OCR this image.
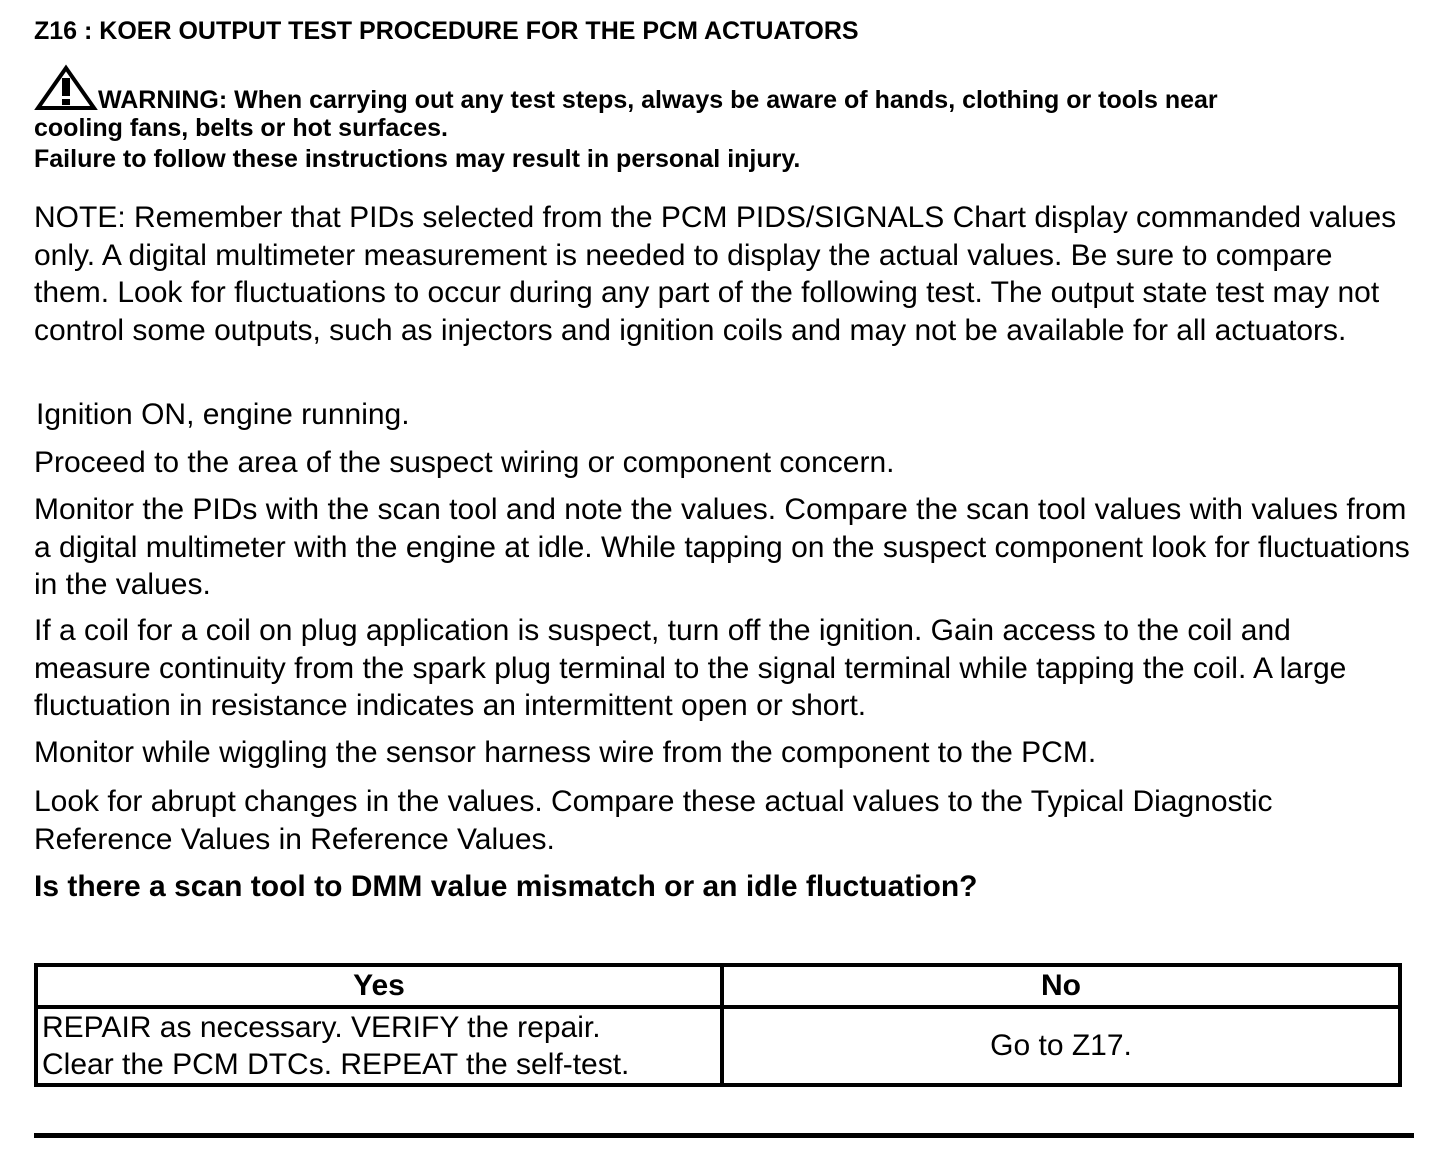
Z16 : KOER OUTPUT TEST PROCEDURE FOR THE PCM ACTUATORS
WARNING: When carrying out any test steps, always be aware of hands, clothing or tools near
cooling fans, belts or hot surfaces.
Failure to follow these instructions may result in personal injury.

NOTE: Remember that PIDs selected from the PCM PIDS/SIGNALS Chart display commanded values only. A digital multimeter measurement is needed to display the actual values. Be sure to compare them. Look for fluctuations to occur during any part of the following test. The output state test may not control some outputs, such as injectors and ignition coils and may not be available for all actuators.

Ignition ON, engine running.

Proceed to the area of the suspect wiring or component concern.

Monitor the PIDs with the scan tool and note the values. Compare the scan tool values with values from a digital multimeter with the engine at idle. While tapping on the suspect component look for fluctuations in the values.

If a coil for a coil on plug application is suspect, turn off the ignition. Gain access to the coil and measure continuity from the spark plug terminal to the signal terminal while tapping the coil. A large fluctuation in resistance indicates an intermittent open or short.

Monitor while wiggling the sensor harness wire from the component to the PCM.

Look for abrupt changes in the values. Compare these actual values to the Typical Diagnostic Reference Values in Reference Values.

Is there a scan tool to DMM value mismatch or an idle fluctuation?

Yes	No

REPAIR as necessary. VERIFY the repair.
Clear the PCM DTCs. REPEAT the self-test.	Go to Z17.
